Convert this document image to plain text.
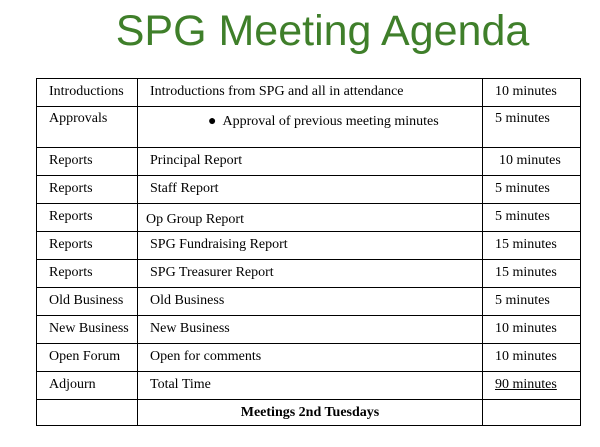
SPG Meeting Agenda
Introductions	Introductions from SPG and all in attendance	10 minutes

Approvals	● Approval of previous meeting minutes	5 minutes

Reports	Principal Report	10 minutes

Reports	Staff Report	5 minutes

Reports	Op Group Report	5 minutes

Reports	SPG Fundraising Report	15 minutes

Reports	SPG Treasurer Report	15 minutes

Old Business	Old Business	5 minutes

New Business	New Business	10 minutes

Open Forum	Open for comments	10 minutes

Adjourn	Total Time	90 minutes

	Meetings 2nd Tuesdays	
